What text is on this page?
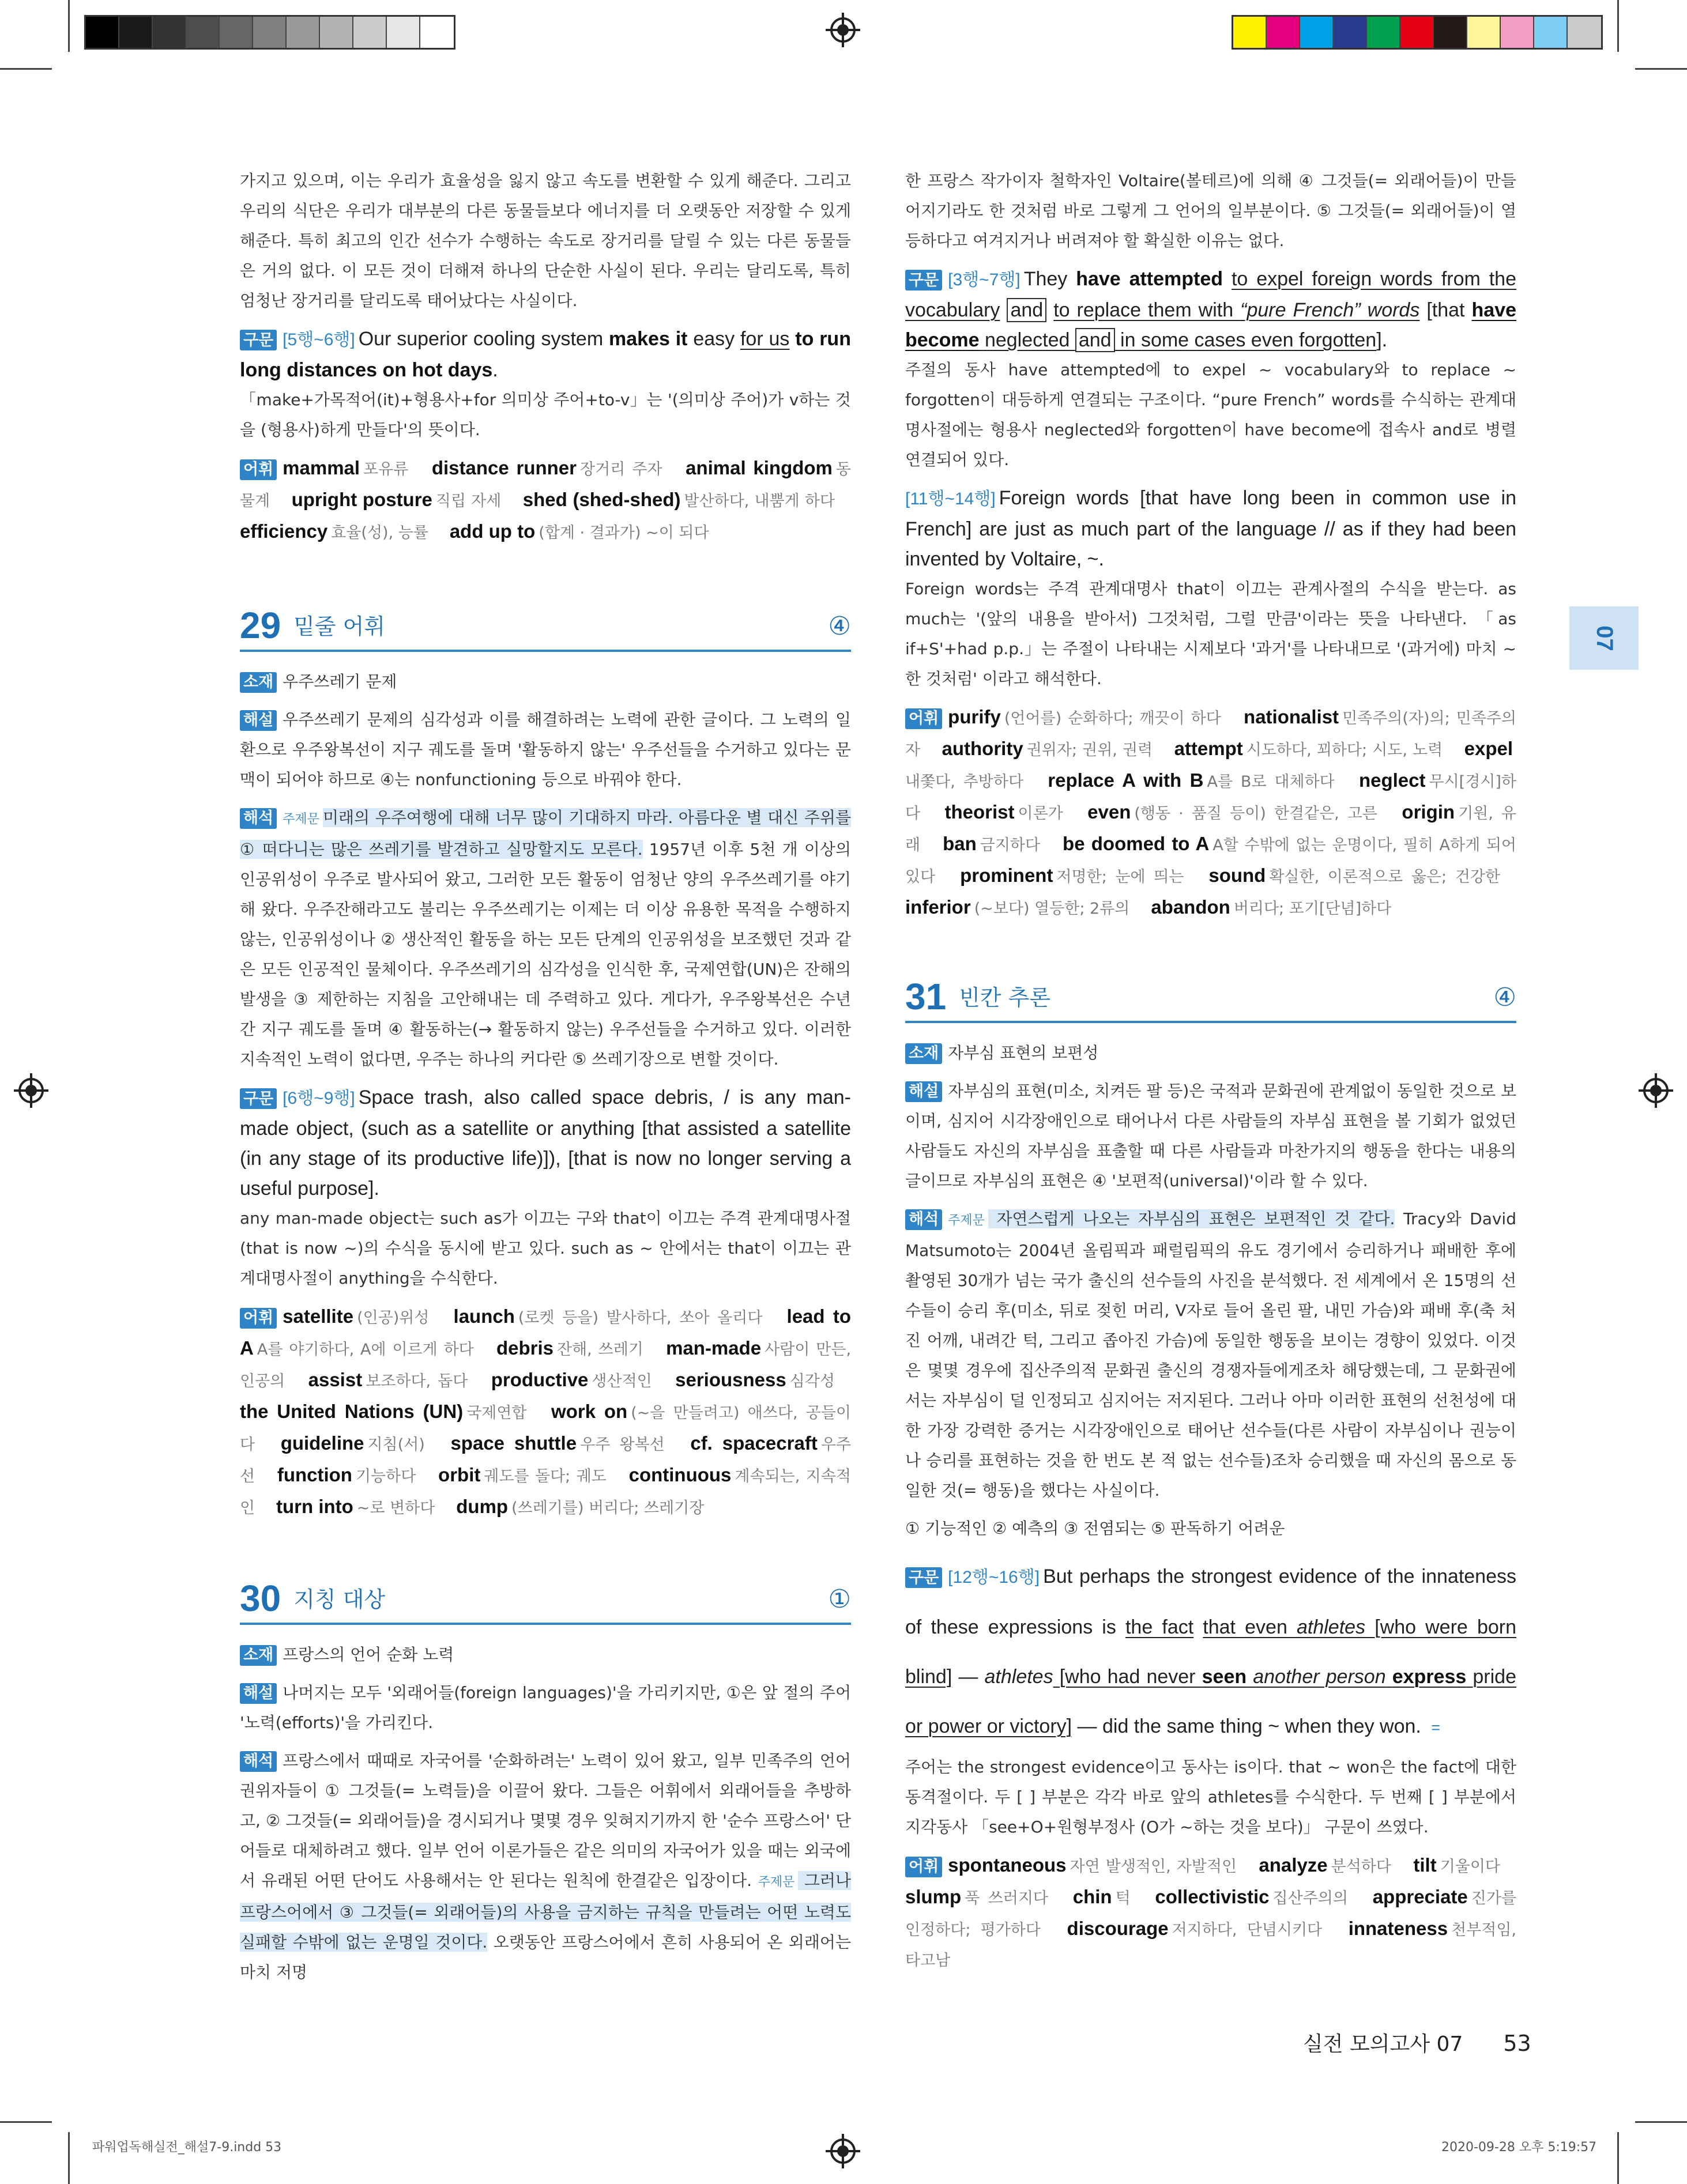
가지고 있으며, 이는 우리가 효율성을 잃지 않고 속도를 변환할 수 있게 해준다. 그리고 우리의 식단은 우리가 대부분의 다른 동물들보다 에너지를 더 오랫동안 저장할 수 있게 해준다. 특히 최고의 인간 선수가 수행하는 속도로 장거리를 달릴 수 있는 다른 동물들은 거의 없다. 이 모든 것이 더해져 하나의 단순한 사실이 된다. 우리는 달리도록, 특히 엄청난 장거리를 달리도록 태어났다는 사실이다.

구문 [5행~6행] Our superior cooling system makes it easy for us to run long distances on hot days.

「make+가목적어(it)+형용사+for 의미상 주어+to-v」는 '(의미상 주어)가 v하는 것을 (형용사)하게 만들다'의 뜻이다.

어휘 mammal 포유류 distance runner 장거리 주자 animal kingdom 동물계 upright posture 직립 자세 shed (shed-shed) 발산하다, 내뿜게 하다 efficiency 효율(성), 능률 add up to (합계 · 결과가) ~이 되다
29 밑줄 어휘	④
소재 우주쓰레기 문제
해설 우주쓰레기 문제의 심각성과 이를 해결하려는 노력에 관한 글이다. 그 노력의 일환으로 우주왕복선이 지구 궤도를 돌며 '활동하지 않는' 우주선들을 수거하고 있다는 문맥이 되어야 하므로 ④는 nonfunctioning 등으로 바꿔야 한다.
해석 주제문 미래의 우주여행에 대해 너무 많이 기대하지 마라. 아름다운 별 대신 주위를 ① 떠다니는 많은 쓰레기를 발견하고 실망할지도 모른다. 1957년 이후 5천 개 이상의 인공위성이 우주로 발사되어 왔고, 그러한 모든 활동이 엄청난 양의 우주쓰레기를 야기해 왔다. 우주잔해라고도 불리는 우주쓰레기는 이제는 더 이상 유용한 목적을 수행하지 않는, 인공위성이나 ② 생산적인 활동을 하는 모든 단계의 인공위성을 보조했던 것과 같은 모든 인공적인 물체이다. 우주쓰레기의 심각성을 인식한 후, 국제연합(UN)은 잔해의 발생을 ③ 제한하는 지침을 고안해내는 데 주력하고 있다. 게다가, 우주왕복선은 수년 간 지구 궤도를 돌며 ④ 활동하는(→ 활동하지 않는) 우주선들을 수거하고 있다. 이러한 지속적인 노력이 없다면, 우주는 하나의 커다란 ⑤ 쓰레기장으로 변할 것이다.
구문 [6행~9행] Space trash, also called space debris, / is any man-made object, (such as a satellite or anything [that assisted a satellite (in any stage of its productive life)]), [that is now no longer serving a useful purpose].

any man-made object는 such as가 이끄는 구와 that이 이끄는 주격 관계대명사절(that is now ~)의 수식을 동시에 받고 있다. such as ~ 안에서는 that이 이끄는 관계대명사절이 anything을 수식한다.

어휘 satellite (인공)위성 launch (로켓 등을) 발사하다, 쏘아 올리다 lead to A A를 야기하다, A에 이르게 하다 debris 잔해, 쓰레기 man-made 사람이 만든, 인공의 assist 보조하다, 돕다 productive 생산적인 seriousness 심각성 the United Nations (UN) 국제연합 work on (~을 만들려고) 애쓰다, 공들이다 guideline 지침(서) space shuttle 우주 왕복선 cf. spacecraft 우주선 function 기능하다 orbit 궤도를 돌다; 궤도 continuous 계속되는, 지속적인 turn into ~로 변하다 dump (쓰레기를) 버리다; 쓰레기장
30 지칭 대상	①
소재 프랑스의 언어 순화 노력
해설 나머지는 모두 '외래어들(foreign languages)'을 가리키지만, ①은 앞 절의 주어 '노력(efforts)'을 가리킨다.
해석 프랑스에서 때때로 자국어를 '순화하려는' 노력이 있어 왔고, 일부 민족주의 언어 권위자들이 ① 그것들(= 노력들)을 이끌어 왔다. 그들은 어휘에서 외래어들을 추방하고, ② 그것들(= 외래어들)을 경시되거나 몇몇 경우 잊혀지기까지 한 '순수 프랑스어' 단어들로 대체하려고 했다. 일부 언어 이론가들은 같은 의미의 자국어가 있을 때는 외국에서 유래된 어떤 단어도 사용해서는 안 된다는 원칙에 한결같은 입장이다. 주제문 그러나 프랑스어에서 ③ 그것들(= 외래어들)의 사용을 금지하는 규칙을 만들려는 어떤 노력도 실패할 수밖에 없는 운명일 것이다. 오랫동안 프랑스어에서 흔히 사용되어 온 외래어는 마치 저명

한 프랑스 작가이자 철학자인 Voltaire(볼테르)에 의해 ④ 그것들(= 외래어들)이 만들어지기라도 한 것처럼 바로 그렇게 그 언어의 일부분이다. ⑤ 그것들(= 외래어들)이 열등하다고 여겨지거나 버려져야 할 확실한 이유는 없다.

구문 [3행~7행] They have attempted to expel foreign words from the vocabulary and to replace them with “pure French” words [that have become neglected and in some cases even forgotten].

주절의 동사 have attempted에 to expel ~ vocabulary와 to replace ~ forgotten이 대등하게 연결되는 구조이다. “pure French” words를 수식하는 관계대명사절에는 형용사 neglected와 forgotten이 have become에 접속사 and로 병렬 연결되어 있다.

[11행~14행] Foreign words [that have long been in common use in French] are just as much part of the language // as if they had been invented by Voltaire, ~.

Foreign words는 주격 관계대명사 that이 이끄는 관계사절의 수식을 받는다. as much는 '(앞의 내용을 받아서) 그것처럼, 그럴 만큼'이라는 뜻을 나타낸다. 「as if+S'+had p.p.」는 주절이 나타내는 시제보다 '과거'를 나타내므로 '(과거에) 마치 ~한 것처럼' 이라고 해석한다.

어휘 purify (언어를) 순화하다; 깨끗이 하다 nationalist 민족주의(자)의; 민족주의자 authority 권위자; 권위, 권력 attempt 시도하다, 꾀하다; 시도, 노력 expel내쫓다, 추방하다 replace A with B A를 B로 대체하다 neglect 무시[경시]하다 theorist 이론가 even (행동 · 품질 등이) 한결같은, 고른 origin 기원, 유래 ban 금지하다 be doomed to A A할 수밖에 없는 운명이다, 필히 A하게 되어 있다 prominent 저명한; 눈에 띄는 sound 확실한, 이론적으로 옳은; 건강한 inferior (~보다) 열등한; 2류의 abandon 버리다; 포기[단념]하다
31 빈칸 추론	④
소재 자부심 표현의 보편성
해설 자부심의 표현(미소, 치켜든 팔 등)은 국적과 문화권에 관계없이 동일한 것으로 보이며, 심지어 시각장애인으로 태어나서 다른 사람들의 자부심 표현을 볼 기회가 없었던 사람들도 자신의 자부심을 표출할 때 다른 사람들과 마찬가지의 행동을 한다는 내용의 글이므로 자부심의 표현은 ④ '보편적(universal)'이라 할 수 있다.
해석 주제문 자연스럽게 나오는 자부심의 표현은 보편적인 것 같다. Tracy와 David Matsumoto는 2004년 올림픽과 패럴림픽의 유도 경기에서 승리하거나 패배한 후에 촬영된 30개가 넘는 국가 출신의 선수들의 사진을 분석했다. 전 세계에서 온 15명의 선수들이 승리 후(미소, 뒤로 젖힌 머리, V자로 들어 올린 팔, 내민 가슴)와 패배 후(축 처진 어깨, 내려간 턱, 그리고 좁아진 가슴)에 동일한 행동을 보이는 경향이 있었다. 이것은 몇몇 경우에 집산주의적 문화권 출신의 경쟁자들에게조차 해당했는데, 그 문화권에서는 자부심이 덜 인정되고 심지어는 저지된다. 그러나 아마 이러한 표현의 선천성에 대한 가장 강력한 증거는 시각장애인으로 태어난 선수들(다른 사람이 자부심이나 권능이나 승리를 표현하는 것을 한 번도 본 적 없는 선수들)조차 승리했을 때 자신의 몸으로 동일한 것(= 행동)을 했다는 사실이다.

① 기능적인 ② 예측의 ③ 전염되는 ⑤ 판독하기 어려운

구문 [12행~16행] But perhaps the strongest evidence of the innateness of these expressions is the fact that even athletes [who were born blind] — athletes [who had never seen another person express pride or power or victory] — did the same thing ~ when they won. =

주어는 the strongest evidence이고 동사는 is이다. that ~ won은 the fact에 대한 동격절이다. 두 [ ] 부분은 각각 바로 앞의 athletes를 수식한다. 두 번째 [ ] 부분에서 지각동사 「see+O+원형부정사 (O가 ~하는 것을 보다)」 구문이 쓰였다.

어휘 spontaneous 자연 발생적인, 자발적인 analyze 분석하다 tilt 기울이다 slump 푹 쓰러지다 chin 턱 collectivistic 집산주의의 appreciate 진가를 인정하다; 평가하다 discourage 저지하다, 단념시키다 innateness 천부적임, 타고남
07
실전 모의고사 07 53
파워업독해실전_해설7-9.indd 53	2020-09-28 오후 5:19:57
